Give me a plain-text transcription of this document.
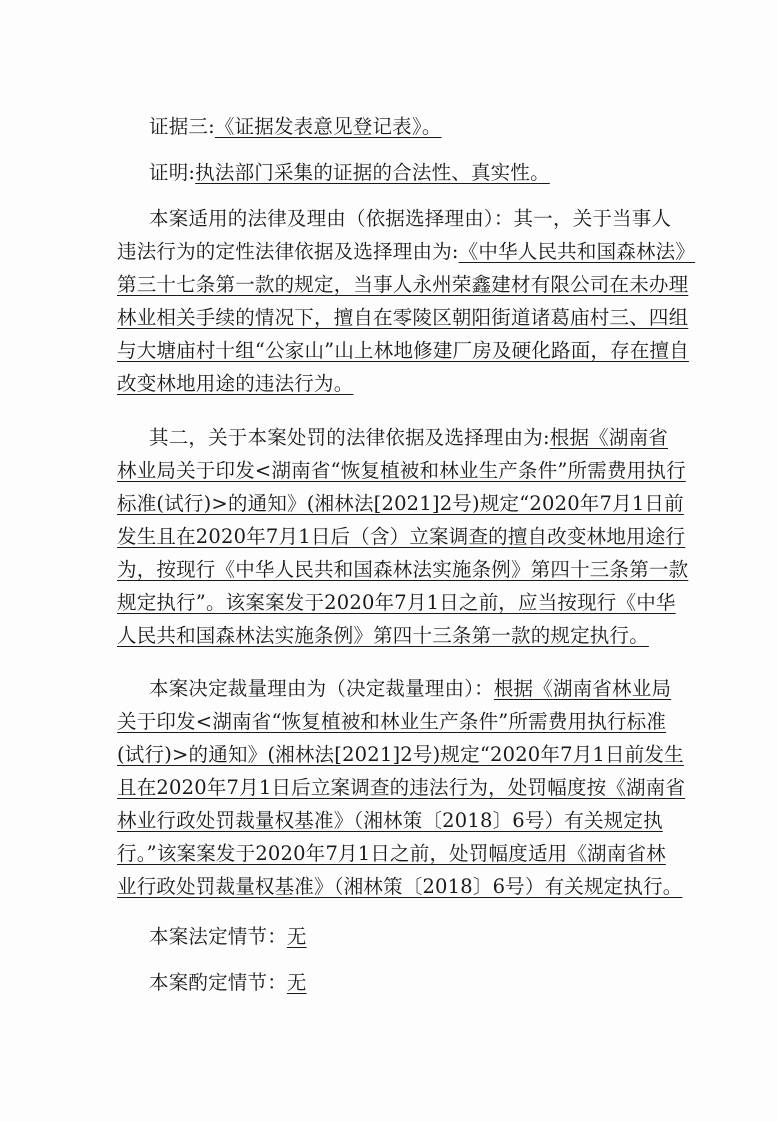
证据三:《证据发表意见登记表》。
证明:执法部门采集的证据的合法性、真实性。
本案适用的法律及理由（依据选择理由）：其一，关于当事人
违法行为的定性法律依据及选择理由为:《中华人民共和国森林法》
第三十七条第一款的规定，当事人永州荣鑫建材有限公司在未办理
林业相关手续的情况下，擅自在零陵区朝阳街道诸葛庙村三、四组
与大塘庙村十组“公家山”山上林地修建厂房及硬化路面，存在擅自
改变林地用途的违法行为。
其二，关于本案处罚的法律依据及选择理由为:根据《湖南省
林业局关于印发<湖南省“恢复植被和林业生产条件”所需费用执行
标准(试行)>的通知》(湘林法[2021]2号)规定“2020年7月1日前
发生且在2020年7月1日后（含）立案调查的擅自改变林地用途行
为，按现行《中华人民共和国森林法实施条例》第四十三条第一款
规定执行”。该案案发于2020年7月1日之前，应当按现行《中华
人民共和国森林法实施条例》第四十三条第一款的规定执行。
本案决定裁量理由为（决定裁量理由）：根据《湖南省林业局
关于印发<湖南省“恢复植被和林业生产条件”所需费用执行标准
(试行)>的通知》(湘林法[2021]2号)规定“2020年7月1日前发生
且在2020年7月1日后立案调查的违法行为，处罚幅度按《湖南省
林业行政处罚裁量权基准》（湘林策〔2018〕6号）有关规定执
行。”该案案发于2020年7月1日之前，处罚幅度适用《湖南省林
业行政处罚裁量权基准》（湘林策〔2018〕6号）有关规定执行。
本案法定情节：无
本案酌定情节：无
